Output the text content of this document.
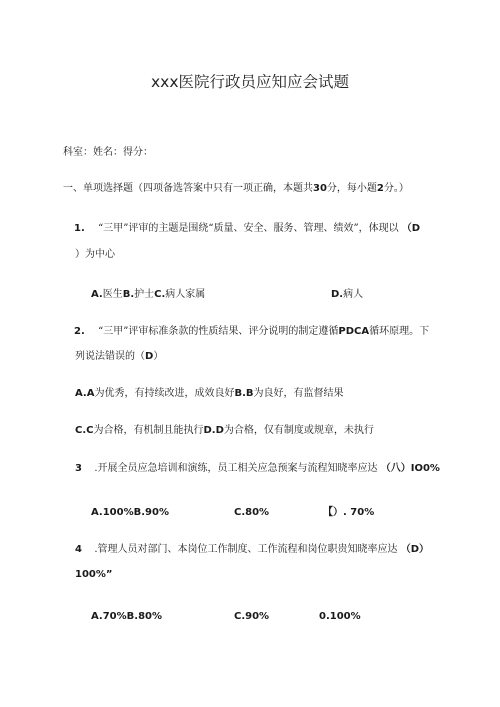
xxx医院行政员应知应会试题
科室：姓名：得分：
一、单项选择题（四项备选答案中只有一项正确，本题共30分，每小题2分。）
1. “三甲”评审的主题是围绕“质量、安全、服务、管理、绩效”，体现以 （D
）为中心
A.医生B.护士C.病人家属	D.病人
2. “三甲”评审标准条款的性质结果、评分说明的制定遵循PDCA循环原理。下
列说法错误的（D）
A.A为优秀，有持续改进，成效良好B.B为良好，有监督结果
C.C为合格，有机制且能执行D.D为合格，仅有制度或规章，未执行
3 .开展全员应急培训和演练，员工相关应急预案与流程知晓率应达 （八）IO0%
A.100%B.90%	C.80%	【）. 70%
4 .管理人员对部门、本岗位工作制度、工作流程和岗位职贵知晓率应达 （D）
100%”
A.70%B.80%	C.90%	0.100%
